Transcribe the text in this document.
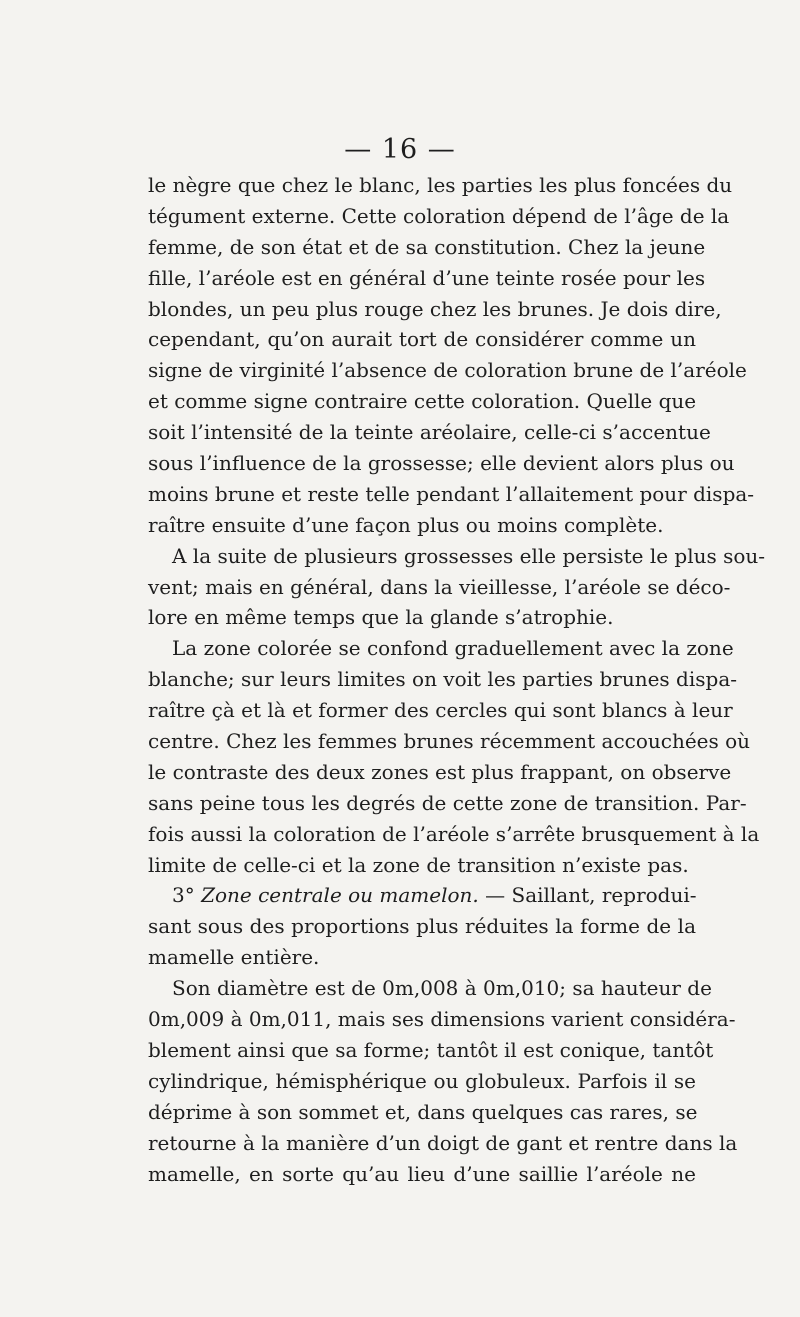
— 16 —
le nègre que chez le blanc, les parties les plus foncées du
tégument externe. Cette coloration dépend de l’âge de la
femme, de son état et de sa constitution. Chez la jeune
fille, l’aréole est en général d’une teinte rosée pour les
blondes, un peu plus rouge chez les brunes. Je dois dire,
cependant, qu’on aurait tort de considérer comme un
signe de virginité l’absence de coloration brune de l’aréole
et comme signe contraire cette coloration. Quelle que
soit l’intensité de la teinte aréolaire, celle-ci s’accentue
sous l’influence de la grossesse; elle devient alors plus ou
moins brune et reste telle pendant l’allaitement pour dispa-
raître ensuite d’une façon plus ou moins complète.
A la suite de plusieurs grossesses elle persiste le plus sou-
vent; mais en général, dans la vieillesse, l’aréole se déco-
lore en même temps que la glande s’atrophie.
La zone colorée se confond graduellement avec la zone
blanche; sur leurs limites on voit les parties brunes dispa-
raître çà et là et former des cercles qui sont blancs à leur
centre. Chez les femmes brunes récemment accouchées où
le contraste des deux zones est plus frappant, on observe
sans peine tous les degrés de cette zone de transition. Par-
fois aussi la coloration de l’aréole s’arrête brusquement à la
limite de celle-ci et la zone de transition n’existe pas.
3° Zone centrale ou mamelon. — Saillant, reprodui-
sant sous des proportions plus réduites la forme de la
mamelle entière.
Son diamètre est de 0m,008 à 0m,010; sa hauteur de
0m,009 à 0m,011, mais ses dimensions varient considéra-
blement ainsi que sa forme; tantôt il est conique, tantôt
cylindrique, hémisphérique ou globuleux. Parfois il se
déprime à son sommet et, dans quelques cas rares, se
retourne à la manière d’un doigt de gant et rentre dans la
mamelle, en sorte qu’au lieu d’une saillie l’aréole ne
